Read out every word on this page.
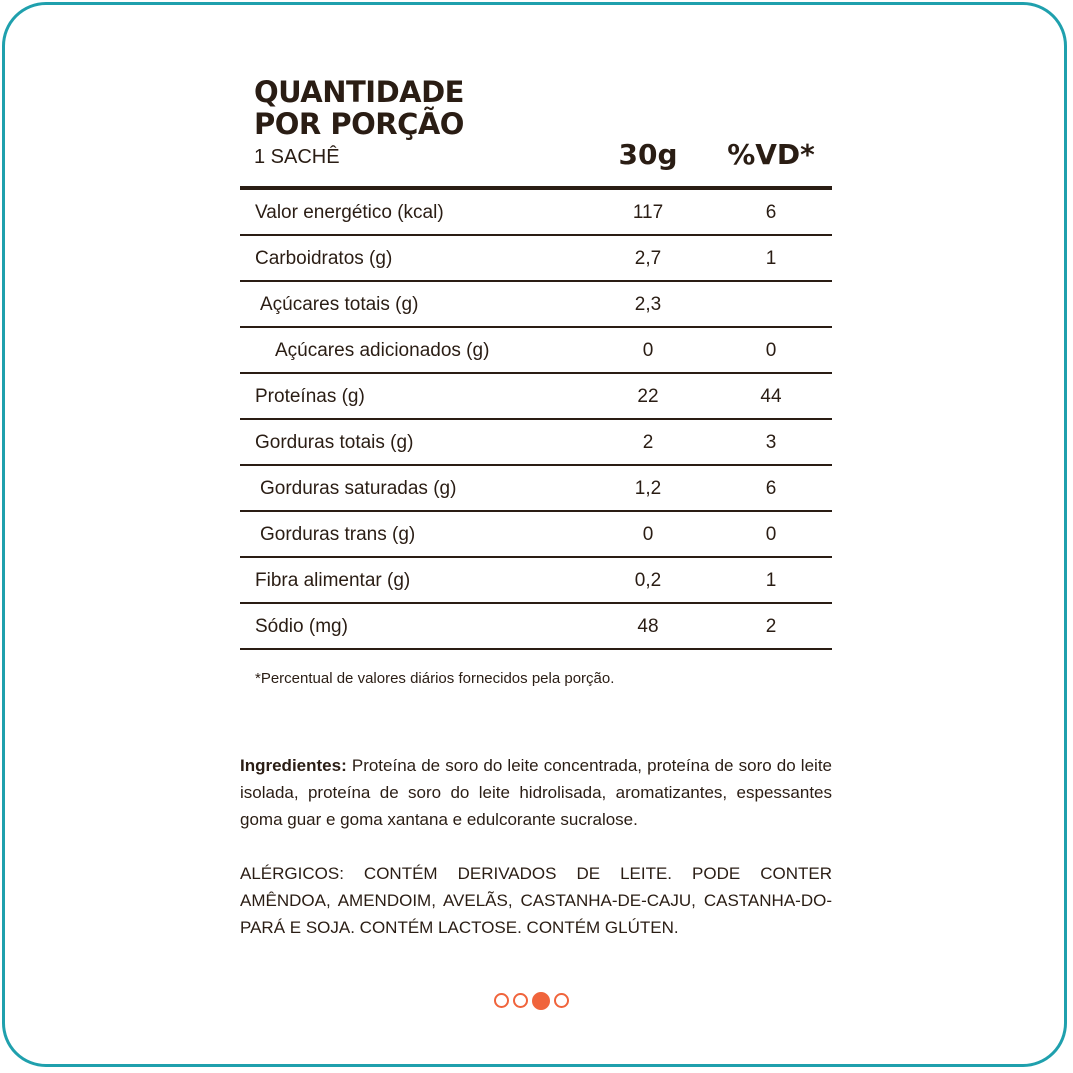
QUANTIDADE
POR PORÇÃO
1 SACHÊ	30g	%VD*
Valor energético (kcal)	117	6
Carboidratos (g)	2,7	1
Açúcares totais (g)	2,3
Açúcares adicionados (g)	0	0
Proteínas (g)	22	44
Gorduras totais (g)	2	3
Gorduras saturadas (g)	1,2	6
Gorduras trans (g)	0	0
Fibra alimentar (g)	0,2	1
Sódio (mg)	48	2
*Percentual de valores diários fornecidos pela porção.
Ingredientes: Proteína de soro do leite concentrada, proteína de soro do leite isolada, proteína de soro do leite hidrolisada, aromatizantes, espessantes goma guar e goma xantana e edulcorante sucralose.
ALÉRGICOS: CONTÉM DERIVADOS DE LEITE. PODE CONTER AMÊNDOA, AMENDOIM, AVELÃS, CASTANHA-DE-CAJU, CASTANHA-DO-PARÁ E SOJA. CONTÉM LACTOSE. CONTÉM GLÚTEN.
